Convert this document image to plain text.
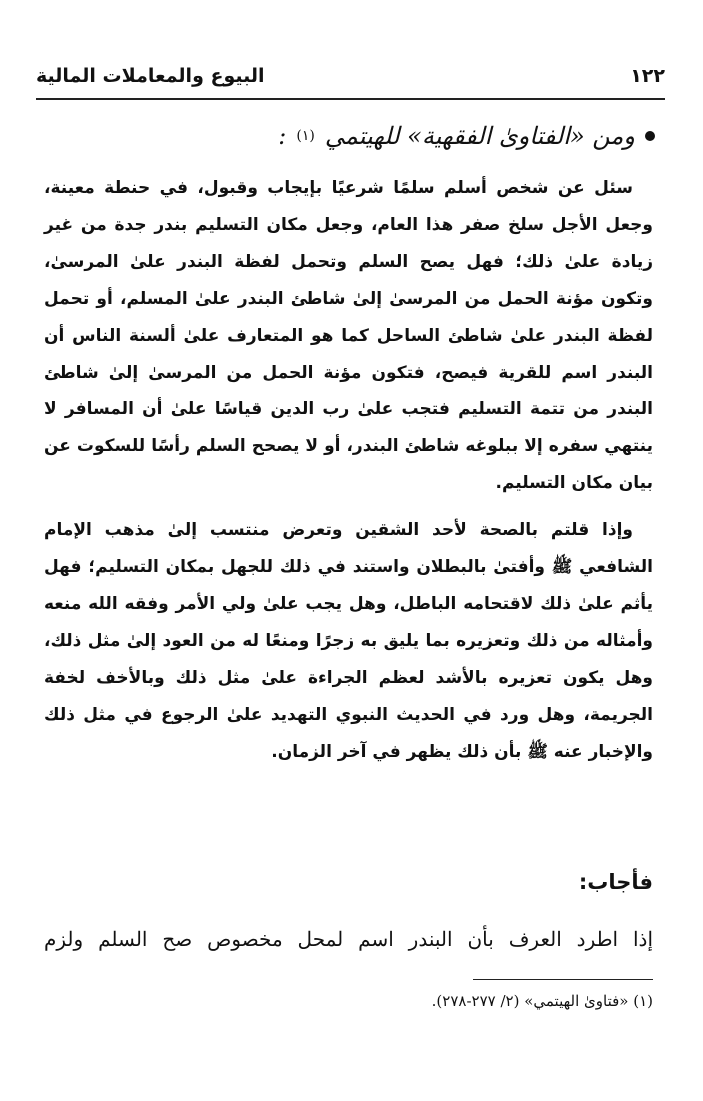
١٢٢
البيوع والمعاملات المالية
ومن «الفتاوىٰ الفقهية» للهيتمي
(١)
:

سئل عن شخص أسلم سلمًا شرعيًا بإيجاب وقبول، في حنطة معينة، وجعل الأجل سلخ صفر هذا العام، وجعل مكان التسليم بندر جدة من غير زيادة علىٰ ذلك؛ فهل يصح السلم وتحمل لفظة البندر علىٰ المرسىٰ، وتكون مؤنة الحمل من المرسىٰ إلىٰ شاطئ البندر علىٰ المسلم، أو تحمل لفظة البندر علىٰ شاطئ الساحل كما هو المتعارف علىٰ ألسنة الناس أن البندر اسم للقرية فيصح، فتكون مؤنة الحمل من المرسىٰ إلىٰ شاطئ البندر من تتمة التسليم فتجب علىٰ رب الدين قياسًا علىٰ أن المسافر لا ينتهي سفره إلا ببلوغه شاطئ البندر، أو لا يصحح السلم رأسًا للسكوت عن بيان مكان التسليم.

وإذا قلتم بالصحة لأحد الشقين وتعرض منتسب إلىٰ مذهب الإمام الشافعي ﷺ وأفتىٰ بالبطلان واستند في ذلك للجهل بمكان التسليم؛ فهل يأثم علىٰ ذلك لاقتحامه الباطل، وهل يجب علىٰ ولي الأمر وفقه الله منعه وأمثاله من ذلك وتعزيره بما يليق به زجرًا ومنعًا له من العود إلىٰ مثل ذلك، وهل يكون تعزيره بالأشد لعظم الجراءة علىٰ مثل ذلك وبالأخف لخفة الجريمة، وهل ورد في الحديث النبوي التهديد علىٰ الرجوع في مثل ذلك والإخبار عنه ﷺ بأن ذلك يظهر في آخر الزمان.

فأجاب:
إذا اطرد العرف بأن البندر اسم لمحل مخصوص صح السلم ولزم
(١) «فتاوىٰ الهيتمي» (٢/ ٢٧٧-٢٧٨).
